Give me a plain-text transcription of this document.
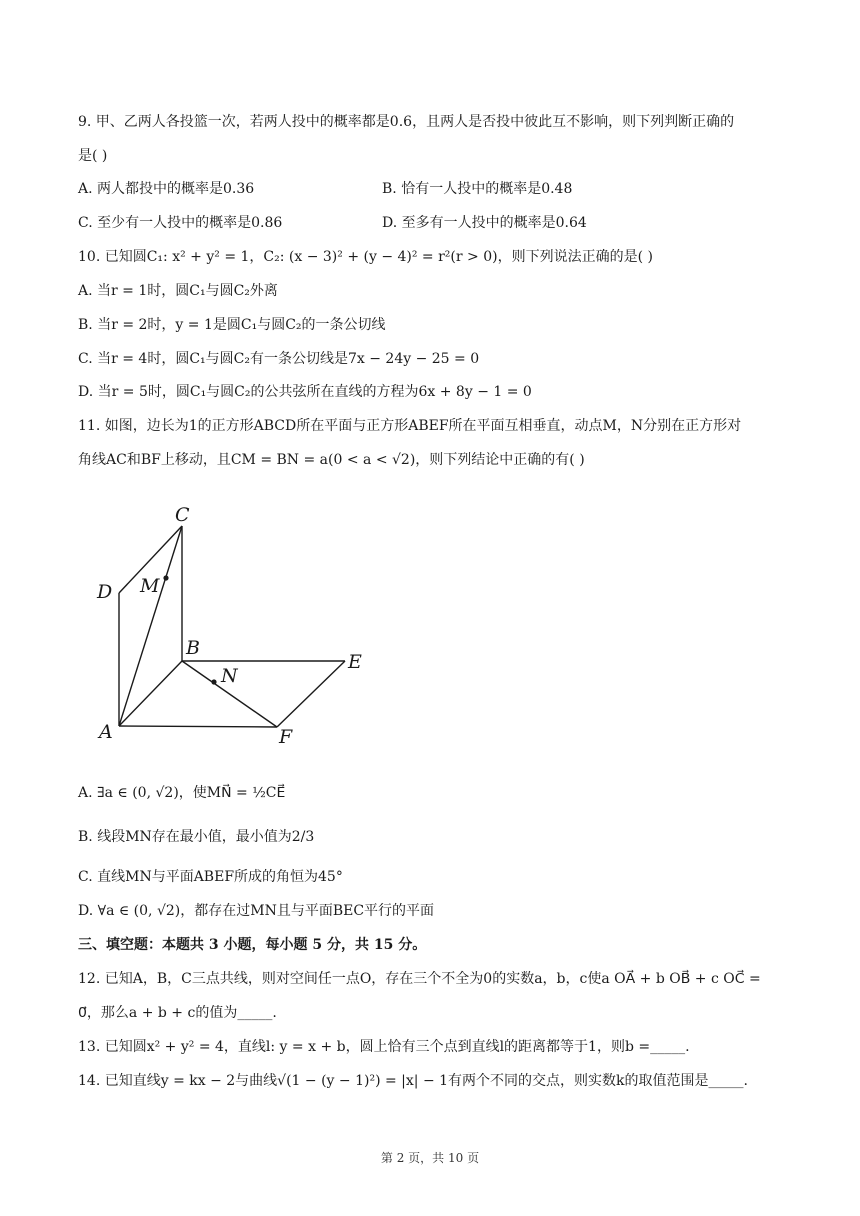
9. 甲、乙两人各投篮一次，若两人投中的概率都是0.6，且两人是否投中彼此互不影响，则下列判断正确的
是( )
A. 两人都投中的概率是0.36	B. 恰有一人投中的概率是0.48
C. 至少有一人投中的概率是0.86	D. 至多有一人投中的概率是0.64
10. 已知圆C₁: x² + y² = 1，C₂: (x − 3)² + (y − 4)² = r²(r > 0)，则下列说法正确的是( )
A. 当r = 1时，圆C₁与圆C₂外离
B. 当r = 2时，y = 1是圆C₁与圆C₂的一条公切线
C. 当r = 4时，圆C₁与圆C₂有一条公切线是7x − 24y − 25 = 0
D. 当r = 5时，圆C₁与圆C₂的公共弦所在直线的方程为6x + 8y − 1 = 0
11. 如图，边长为1的正方形ABCD所在平面与正方形ABEF所在平面互相垂直，动点M，N分别在正方形对
角线AC和BF上移动，且CM = BN = a(0 < a < √2)，则下列结论中正确的有( )
C
D M
B
N
E
A	F
A. ∃a ∈ (0, √2)，使MN⃗ = ½CE⃗
B. 线段MN存在最小值，最小值为2/3
C. 直线MN与平面ABEF所成的角恒为45°
D. ∀a ∈ (0, √2)，都存在过MN且与平面BEC平行的平面
三、填空题：本题共 3 小题，每小题 5 分，共 15 分。
12. 已知A，B，C三点共线，则对空间任一点O，存在三个不全为0的实数a，b，c使a OA⃗ + b OB⃗ + c OC⃗ =
0⃗，那么a + b + c的值为_____.
13. 已知圆x² + y² = 4，直线l: y = x + b，圆上恰有三个点到直线l的距离都等于1，则b =_____.
14. 已知直线y = kx − 2与曲线√(1 − (y − 1)²) = |x| − 1有两个不同的交点，则实数k的取值范围是_____.
第 2 页，共 10 页
